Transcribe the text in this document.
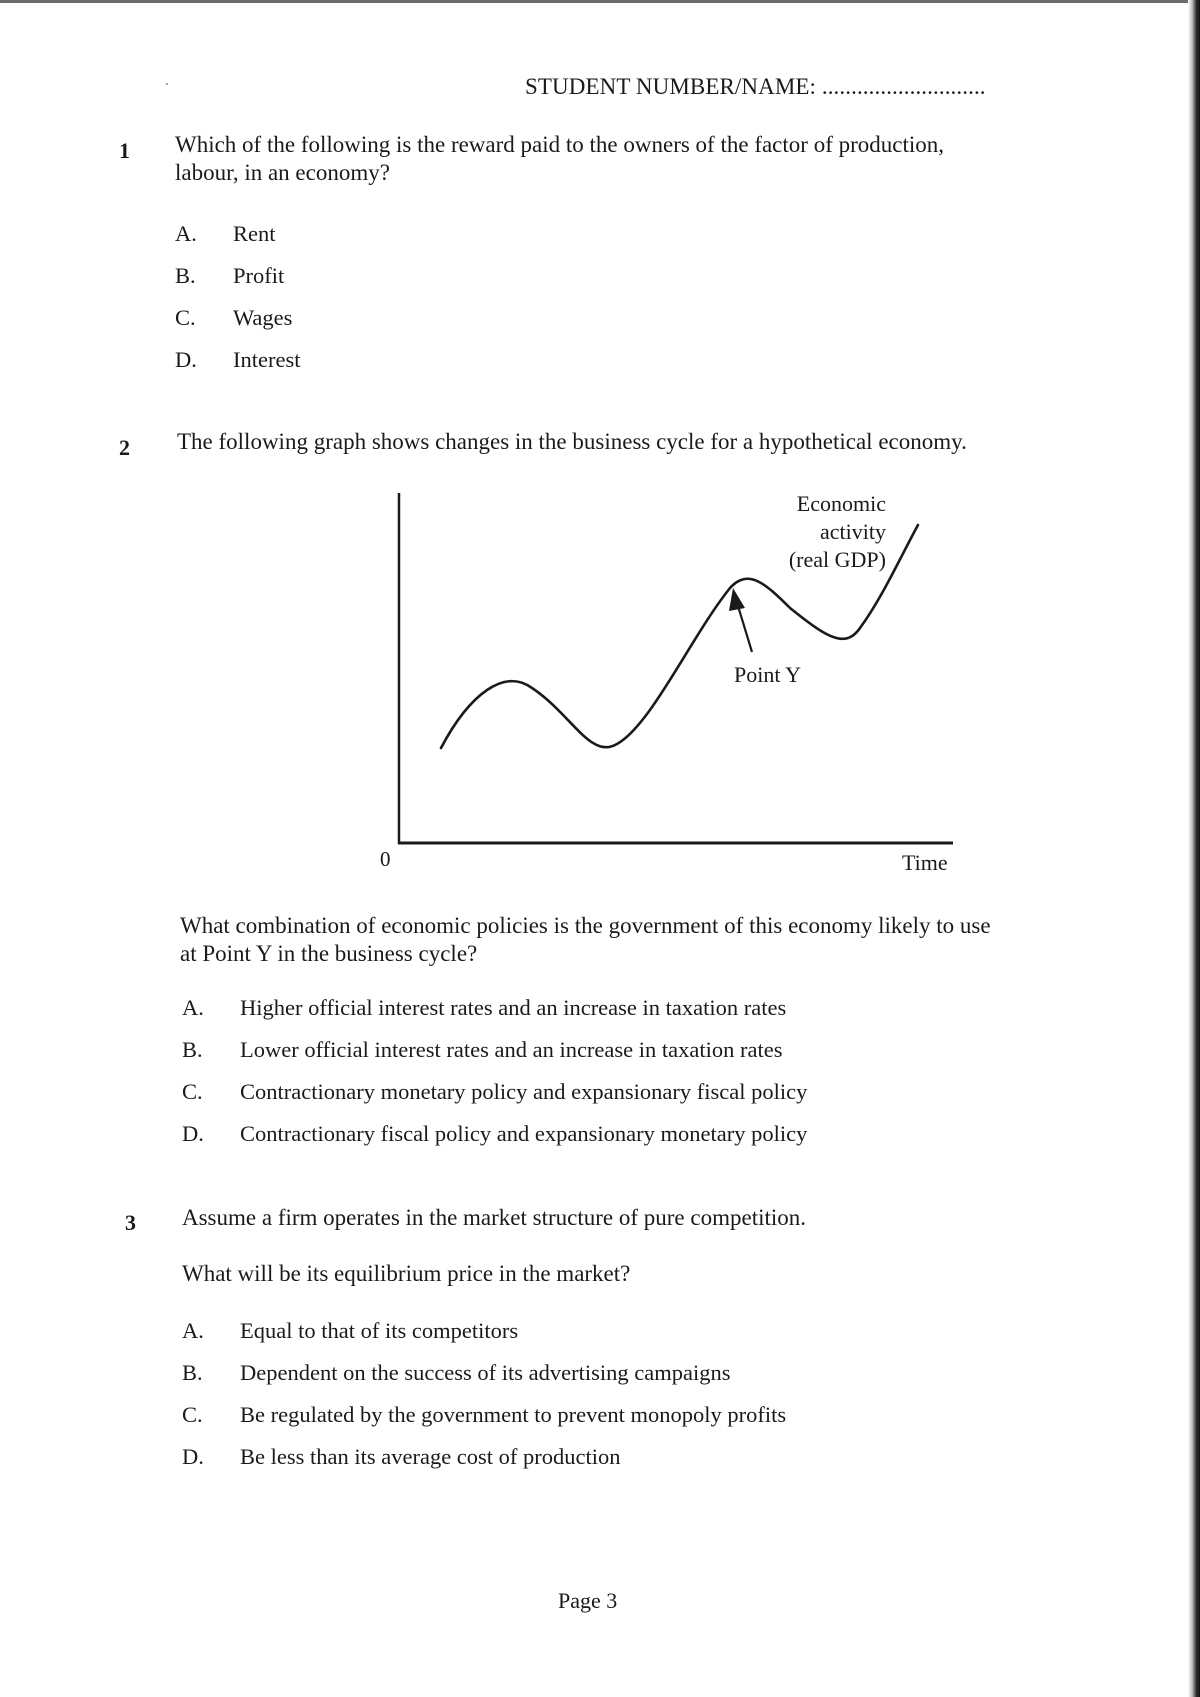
STUDENT NUMBER/NAME: ............................
1 Which of the following is the reward paid to the owners of the factor of production,
labour, in an economy?
A. Rent
B. Profit
C. Wages
D. Interest
2 The following graph shows changes in the business cycle for a hypothetical economy.
Economic
activity
(real GDP)
Point Y
0	Time
What combination of economic policies is the government of this economy likely to use
at Point Y in the business cycle?
A. Higher official interest rates and an increase in taxation rates
B. Lower official interest rates and an increase in taxation rates
C. Contractionary monetary policy and expansionary fiscal policy
D. Contractionary fiscal policy and expansionary monetary policy
3 Assume a firm operates in the market structure of pure competition.
What will be its equilibrium price in the market?
A. Equal to that of its competitors
B. Dependent on the success of its advertising campaigns
C. Be regulated by the government to prevent monopoly profits
D. Be less than its average cost of production
Page 3
